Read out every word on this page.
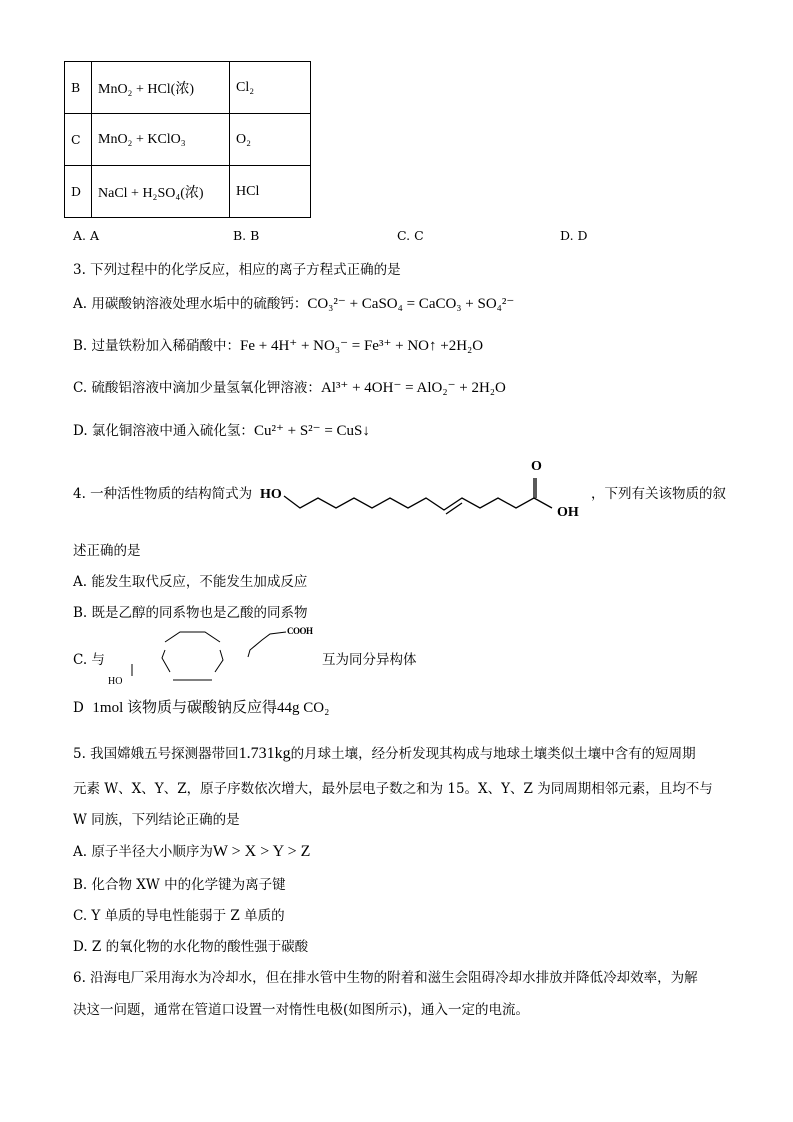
B	MnO₂ + HCl(浓)	Cl₂
C	MnO₂ + KClO₃	O₂
D	NaCl + H₂SO₄(浓)	HCl
A. A	B. B	C. C	D. D
3. 下列过程中的化学反应，相应的离子方程式正确的是
A. 用碳酸钠溶液处理水垢中的硫酸钙：CO₃²⁻ + CaSO₄ = CaCO₃ + SO₄²⁻
B. 过量铁粉加入稀硝酸中：Fe + 4H⁺ + NO₃⁻ = Fe³⁺ + NO↑ +2H₂O
C. 硫酸铝溶液中滴加少量氢氧化钾溶液：Al³⁺ + 4OH⁻ = AlO₂⁻ + 2H₂O
D. 氯化铜溶液中通入硫化氢：Cu²⁺ + S²⁻ = CuS↓
4. 一种活性物质的结构简式为 HO
O
OH
，下列有关该物质的叙
述正确的是
A. 能发生取代反应，不能发生加成反应
B. 既是乙醇的同系物也是乙酸的同系物
C. 与
COOH
HO
互为同分异构体
D 1mol 该物质与碳酸钠反应得44g CO₂
5. 我国嫦娥五号探测器带回1.731kg的月球土壤，经分析发现其构成与地球土壤类似土壤中含有的短周期
元素 W、X、Y、Z，原子序数依次增大，最外层电子数之和为 15。X、Y、Z 为同周期相邻元素，且均不与
W 同族，下列结论正确的是
A. 原子半径大小顺序为W > X > Y > Z
B. 化合物 XW 中的化学键为离子键
C. Y 单质的导电性能弱于 Z 单质的
D. Z 的氧化物的水化物的酸性强于碳酸
6. 沿海电厂采用海水为冷却水，但在排水管中生物的附着和滋生会阻碍冷却水排放并降低冷却效率，为解
决这一问题，通常在管道口设置一对惰性电极(如图所示)，通入一定的电流。
